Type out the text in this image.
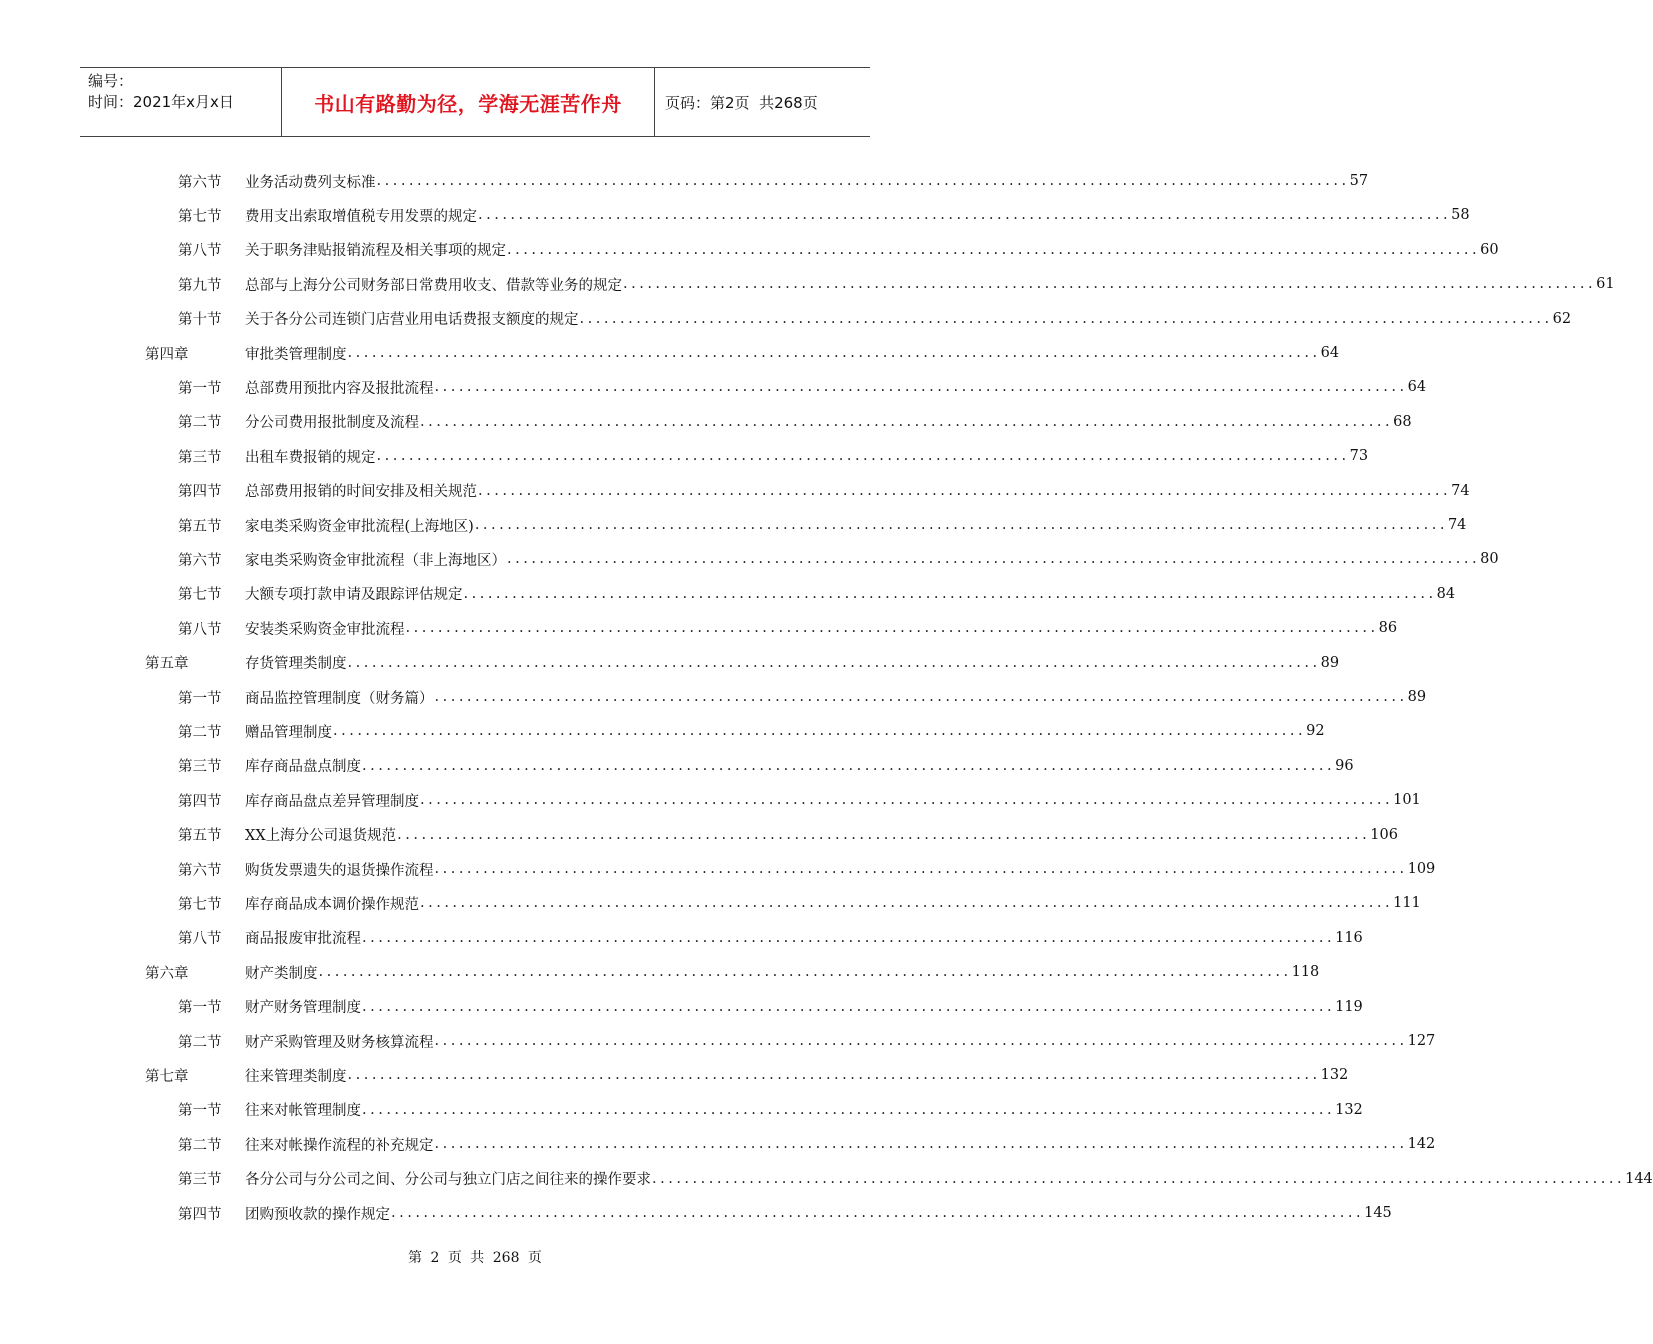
编号：
时间：2021年x月x日	书山有路勤为径，学海无涯苦作舟	页码：第2页  共268页
第六节	业务活动费列支标准 ........................................................................................................................ 57
第七节	费用支出索取增值税专用发票的规定 ........................................................................................................................ 58
第八节	关于职务津贴报销流程及相关事项的规定 ........................................................................................................................ 60
第九节	总部与上海分公司财务部日常费用收支、借款等业务的规定 ........................................................................................................................ 61
第十节	关于各分公司连锁门店营业用电话费报支额度的规定 ........................................................................................................................ 62
第四章	审批类管理制度 ........................................................................................................................ 64
第一节	总部费用预批内容及报批流程 ........................................................................................................................ 64
第二节	分公司费用报批制度及流程 ........................................................................................................................ 68
第三节	出租车费报销的规定 ........................................................................................................................ 73
第四节	总部费用报销的时间安排及相关规范 ........................................................................................................................ 74
第五节	家电类采购资金审批流程(上海地区) ........................................................................................................................ 74
第六节	家电类采购资金审批流程（非上海地区） ........................................................................................................................ 80
第七节	大额专项打款申请及跟踪评估规定 ........................................................................................................................ 84
第八节	安装类采购资金审批流程 ........................................................................................................................ 86
第五章	存货管理类制度 ........................................................................................................................ 89
第一节	商品监控管理制度（财务篇） ........................................................................................................................ 89
第二节	赠品管理制度 ........................................................................................................................ 92
第三节	库存商品盘点制度 ........................................................................................................................ 96
第四节	库存商品盘点差异管理制度 ........................................................................................................................ 101
第五节	XX上海分公司退货规范 ........................................................................................................................ 106
第六节	购货发票遗失的退货操作流程 ........................................................................................................................ 109
第七节	库存商品成本调价操作规范 ........................................................................................................................ 111
第八节	商品报废审批流程 ........................................................................................................................ 116
第六章	财产类制度 ........................................................................................................................ 118
第一节	财产财务管理制度 ........................................................................................................................ 119
第二节	财产采购管理及财务核算流程 ........................................................................................................................ 127
第七章	往来管理类制度 ........................................................................................................................ 132
第一节	往来对帐管理制度 ........................................................................................................................ 132
第二节	往来对帐操作流程的补充规定 ........................................................................................................................ 142
第三节	各分公司与分公司之间、分公司与独立门店之间往来的操作要求 ........................................................................................................................ 144
第四节	团购预收款的操作规定 ........................................................................................................................ 145
第 2 页 共 268 页
